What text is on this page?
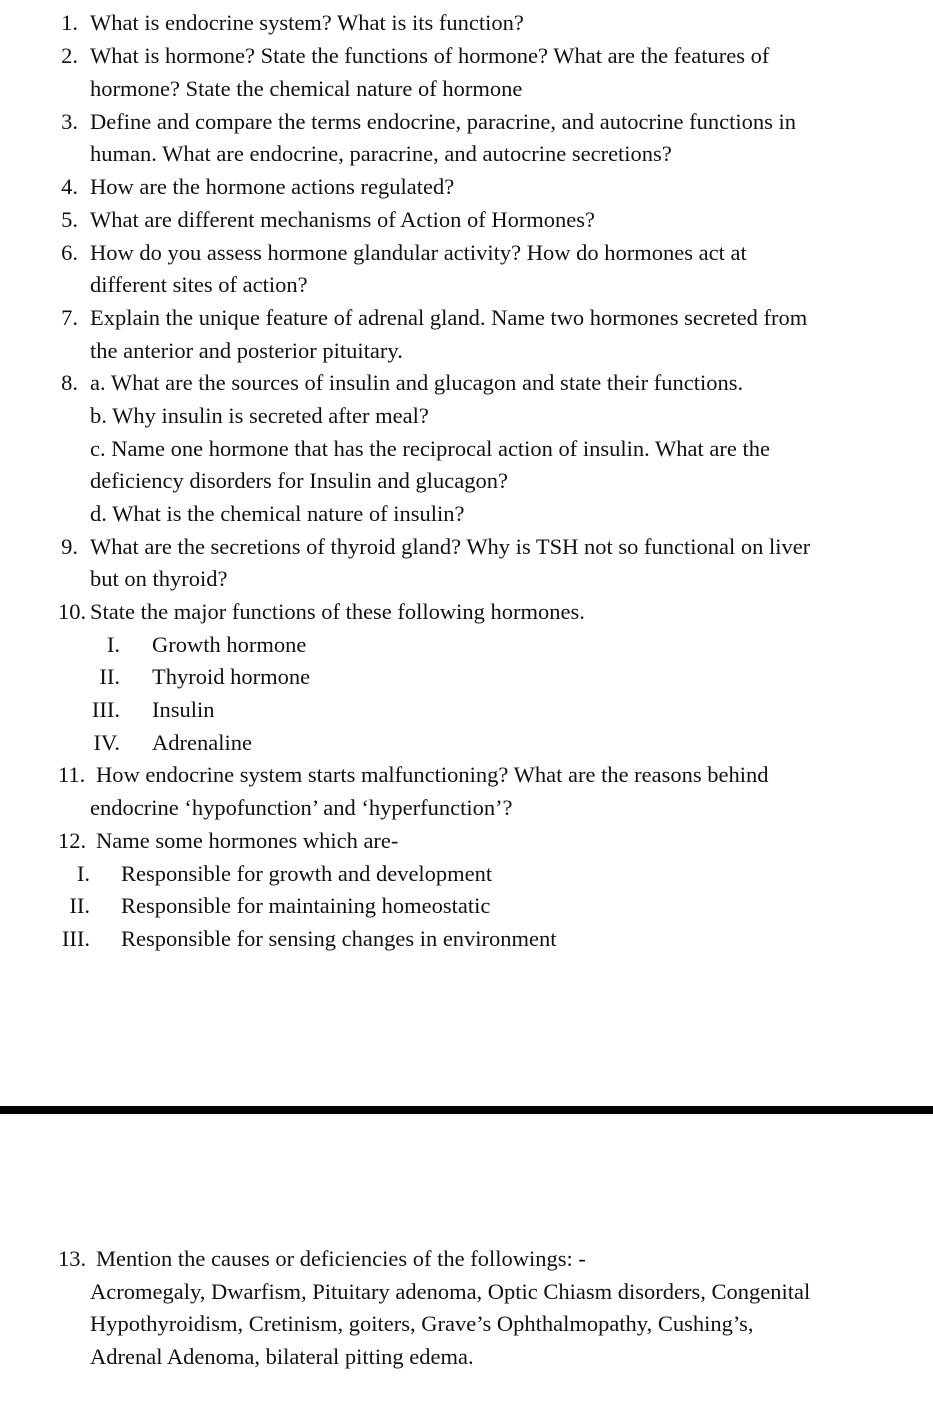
1. What is endocrine system? What is its function?
2. What is hormone? State the functions of hormone? What are the features of
hormone? State the chemical nature of hormone
3. Define and compare the terms endocrine, paracrine, and autocrine functions in
human. What are endocrine, paracrine, and autocrine secretions?
4. How are the hormone actions regulated?
5. What are different mechanisms of Action of Hormones?
6. How do you assess hormone glandular activity? How do hormones act at
different sites of action?
7. Explain the unique feature of adrenal gland. Name two hormones secreted from
the anterior and posterior pituitary.
8. a. What are the sources of insulin and glucagon and state their functions.
b. Why insulin is secreted after meal?
c. Name one hormone that has the reciprocal action of insulin. What are the
deficiency disorders for Insulin and glucagon?
d. What is the chemical nature of insulin?
9. What are the secretions of thyroid gland? Why is TSH not so functional on liver
but on thyroid?
10. State the major functions of these following hormones.
I. Growth hormone
II. Thyroid hormone
III. Insulin
IV. Adrenaline
11. How endocrine system starts malfunctioning? What are the reasons behind
endocrine ‘hypofunction’ and ‘hyperfunction’?
12. Name some hormones which are-
I. Responsible for growth and development
II. Responsible for maintaining homeostatic
III. Responsible for sensing changes in environment
13. Mention the causes or deficiencies of the followings: -
Acromegaly, Dwarfism, Pituitary adenoma, Optic Chiasm disorders, Congenital
Hypothyroidism, Cretinism, goiters, Grave’s Ophthalmopathy, Cushing’s,
Adrenal Adenoma, bilateral pitting edema.
